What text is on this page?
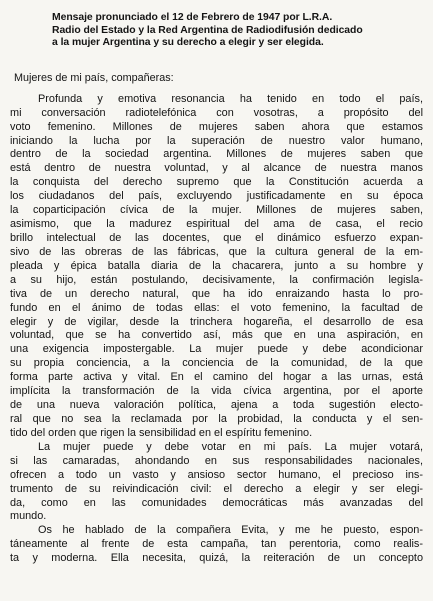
Mensaje pronunciado el 12 de Febrero de 1947 por L.R.A.
Radio del Estado y la Red Argentina de Radiodifusión dedicado
a la mujer Argentina y su derecho a elegir y ser elegida.
Mujeres de mi país, compañeras:
Profunda y emotiva resonancia ha tenido en todo el país,
mi conversación radiotelefónica con vosotras, a propósito del
voto femenino. Millones de mujeres saben ahora que estamos
iniciando la lucha por la superación de nuestro valor humano,
dentro de la sociedad argentina. Millones de mujeres saben que
está dentro de nuestra voluntad, y al alcance de nuestra manos
la conquista del derecho supremo que la Constitución acuerda a
los ciudadanos del país, excluyendo justificadamente en su época
la coparticipación cívica de la mujer. Millones de mujeres saben,
asimismo, que la madurez espiritual del ama de casa, el recio
brillo intelectual de las docentes, que el dinámico esfuerzo expan-
sivo de las obreras de las fábricas, que la cultura general de la em-
pleada y épica batalla diaria de la chacarera, junto a su hombre y
a su hijo, están postulando, decisivamente, la confirmación legisla-
tiva de un derecho natural, que ha ido enraizando hasta lo pro-
fundo en el ánimo de todas ellas: el voto femenino, la facultad de
elegir y de vigilar, desde la trinchera hogareña, el desarrollo de esa
voluntad, que se ha convertido así, más que en una aspiración, en
una exigencia impostergable. La mujer puede y debe acondicionar
su propia conciencia, a la conciencia de la comunidad, de la que
forma parte activa y vital. En el camino del hogar a las urnas, está
implícita la transformación de la vida cívica argentina, por el aporte
de una nueva valoración política, ajena a toda sugestión electo-
ral que no sea la reclamada por la probidad, la conducta y el sen-
tido del orden que rigen la sensibilidad en el espíritu femenino.
La mujer puede y debe votar en mi país. La mujer votará,
si las camaradas, ahondando en sus responsabilidades nacionales,
ofrecen a todo un vasto y ansioso sector humano, el precioso ins-
trumento de su reivindicación civil: el derecho a elegir y ser elegi-
da, como en las comunidades democráticas más avanzadas del
mundo.
Os he hablado de la compañera Evita, y me he puesto, espon-
táneamente al frente de esta campaña, tan perentoria, como realis-
ta y moderna. Ella necesita, quizá, la reiteración de un concepto
